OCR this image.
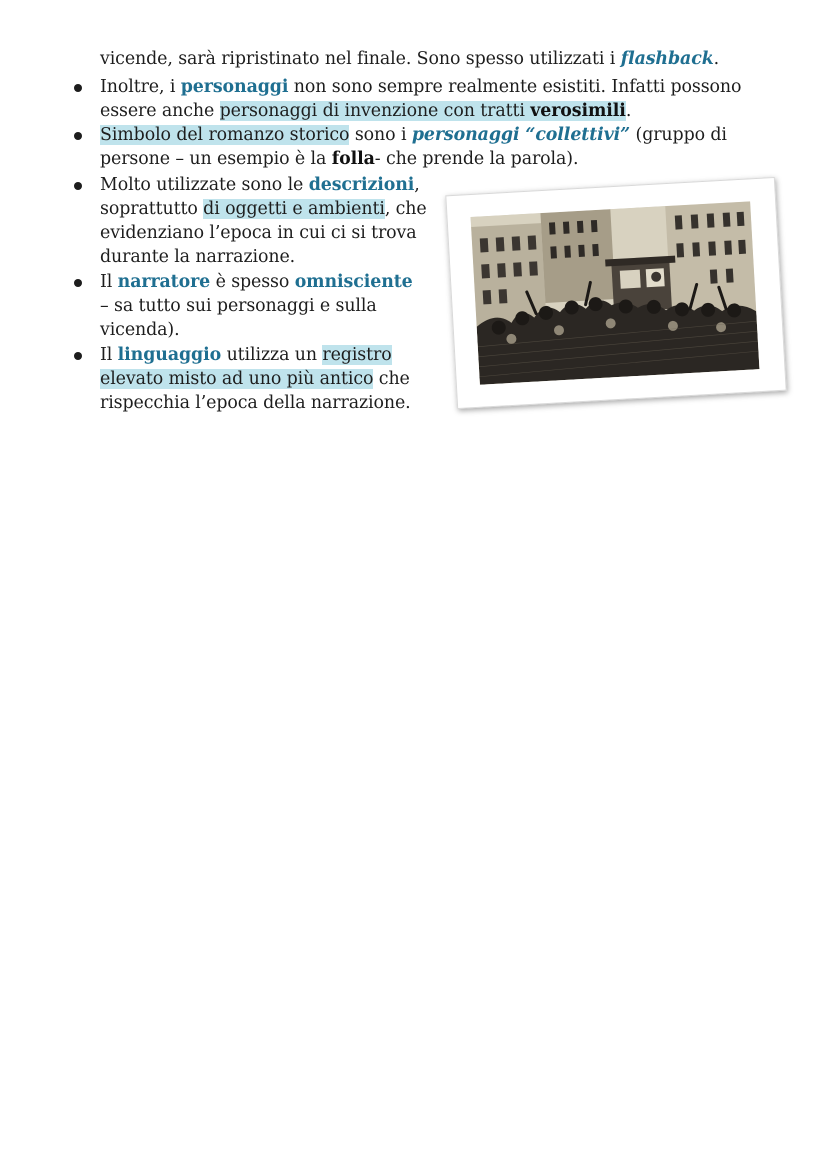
vicende, sarà ripristinato nel finale. Sono spesso utilizzati i flashback.
Inoltre, i personaggi non sono sempre realmente esistiti. Infatti possono
essere anche personaggi di invenzione con tratti verosimili.
Simbolo del romanzo storico sono i personaggi “collettivi” (gruppo di
persone – un esempio è la folla- che prende la parola).
Molto utilizzate sono le descrizioni,
soprattutto di oggetti e ambienti, che
evidenziano l’epoca in cui ci si trova
durante la narrazione.
Il narratore è spesso omnisciente
– sa tutto sui personaggi e sulla
vicenda).
Il linguaggio utilizza un registro
elevato misto ad uno più antico che
rispecchia l’epoca della narrazione.
